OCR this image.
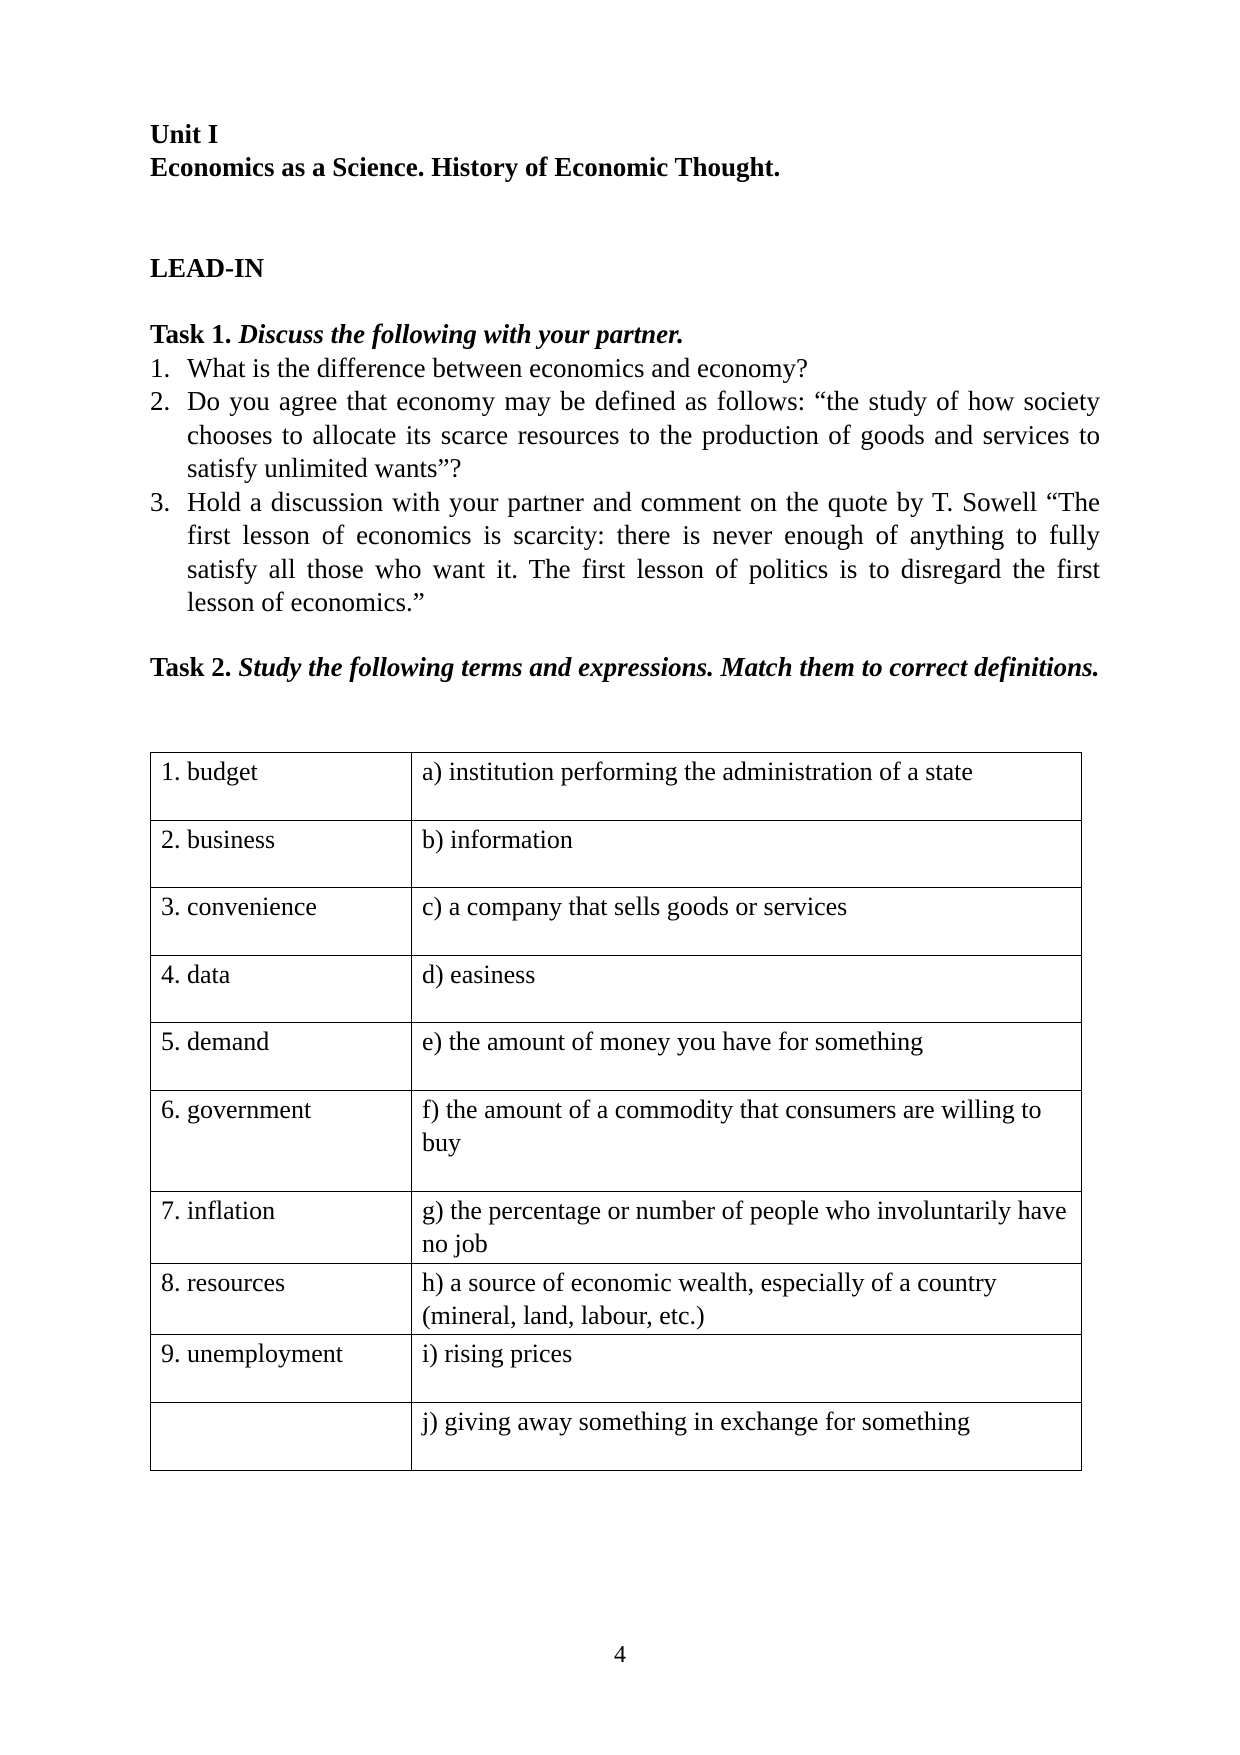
Unit I
Economics as a Science. History of Economic Thought.
LEAD-IN
Task 1. Discuss the following with your partner.
1. What is the difference between economics and economy?
2. Do you agree that economy may be defined as follows: “the study of how society chooses to allocate its scarce resources to the production of goods and services to satisfy unlimited wants”?
3. Hold a discussion with your partner and comment on the quote by T. Sowell “The first lesson of economics is scarcity: there is never enough of anything to fully satisfy all those who want it. The first lesson of politics is to disregard the first lesson of economics.”
Task 2. Study the following terms and expressions. Match them to correct definitions.
1. budget	a) institution performing the administration of a state
2. business	b) information
3. convenience	c) a company that sells goods or services
4. data	d) easiness
5. demand	e) the amount of money you have for something
6. government	f) the amount of a commodity that consumers are willing to buy
7. inflation	g) the percentage or number of people who involuntarily have no job
8. resources	h) a source of economic wealth, especially of a country (mineral, land, labour, etc.)
9. unemployment	i) rising prices
	j) giving away something in exchange for something
4
